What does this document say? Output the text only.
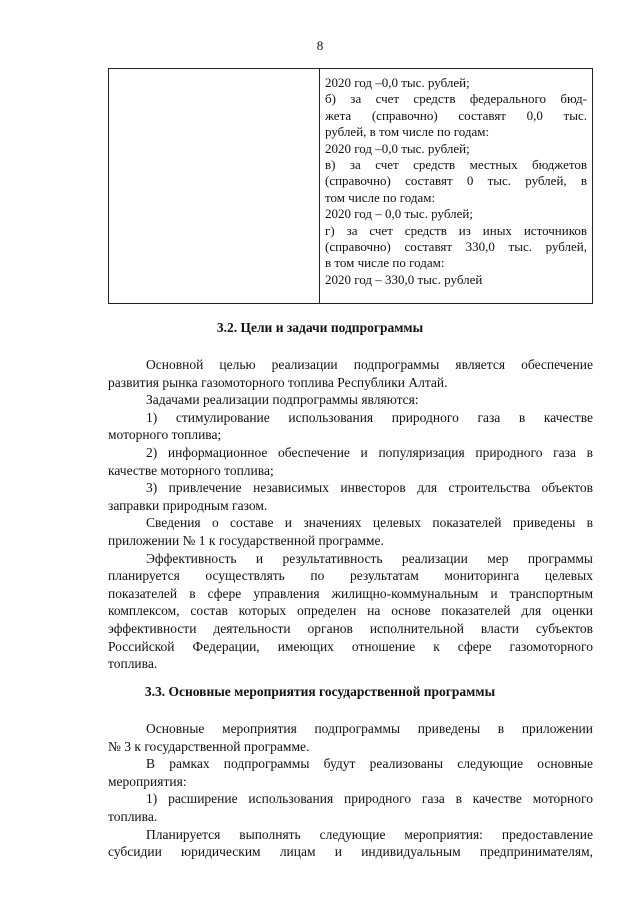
8
2020 год –0,0 тыс. рублей;
б) за счет средств федерального бюд-
жета (справочно) составят 0,0 тыс.
рублей, в том числе по годам:
2020 год –0,0 тыс. рублей;
в) за счет средств местных бюджетов
(справочно) составят 0 тыс. рублей, в
том числе по годам:
2020 год – 0,0 тыс. рублей;
г) за счет средств из иных источников
(справочно) составят 330,0 тыс. рублей,
в том числе по годам:
2020 год – 330,0 тыс. рублей
3.2. Цели и задачи подпрограммы
Основной целью реализации подпрограммы является обеспечение
развития рынка газомоторного топлива Республики Алтай.
Задачами реализации подпрограммы являются:
1) стимулирование использования природного газа в качестве
моторного топлива;
2) информационное обеспечение и популяризация природного газа в
качестве моторного топлива;
3) привлечение независимых инвесторов для строительства объектов
заправки природным газом.
Сведения о составе и значениях целевых показателей приведены в
приложении № 1 к государственной программе.
Эффективность и результативность реализации мер программы
планируется осуществлять по результатам мониторинга целевых
показателей в сфере управления жилищно-коммунальным и транспортным
комплексом, состав которых определен на основе показателей для оценки
эффективности деятельности органов исполнительной власти субъектов
Российской Федерации, имеющих отношение к сфере газомоторного
топлива.
3.3. Основные мероприятия государственной программы
Основные мероприятия подпрограммы приведены в приложении
№ 3 к государственной программе.
В рамках подпрограммы будут реализованы следующие основные
мероприятия:
1) расширение использования природного газа в качестве моторного
топлива.
Планируется выполнять следующие мероприятия: предоставление
субсидии юридическим лицам и индивидуальным предпринимателям,
